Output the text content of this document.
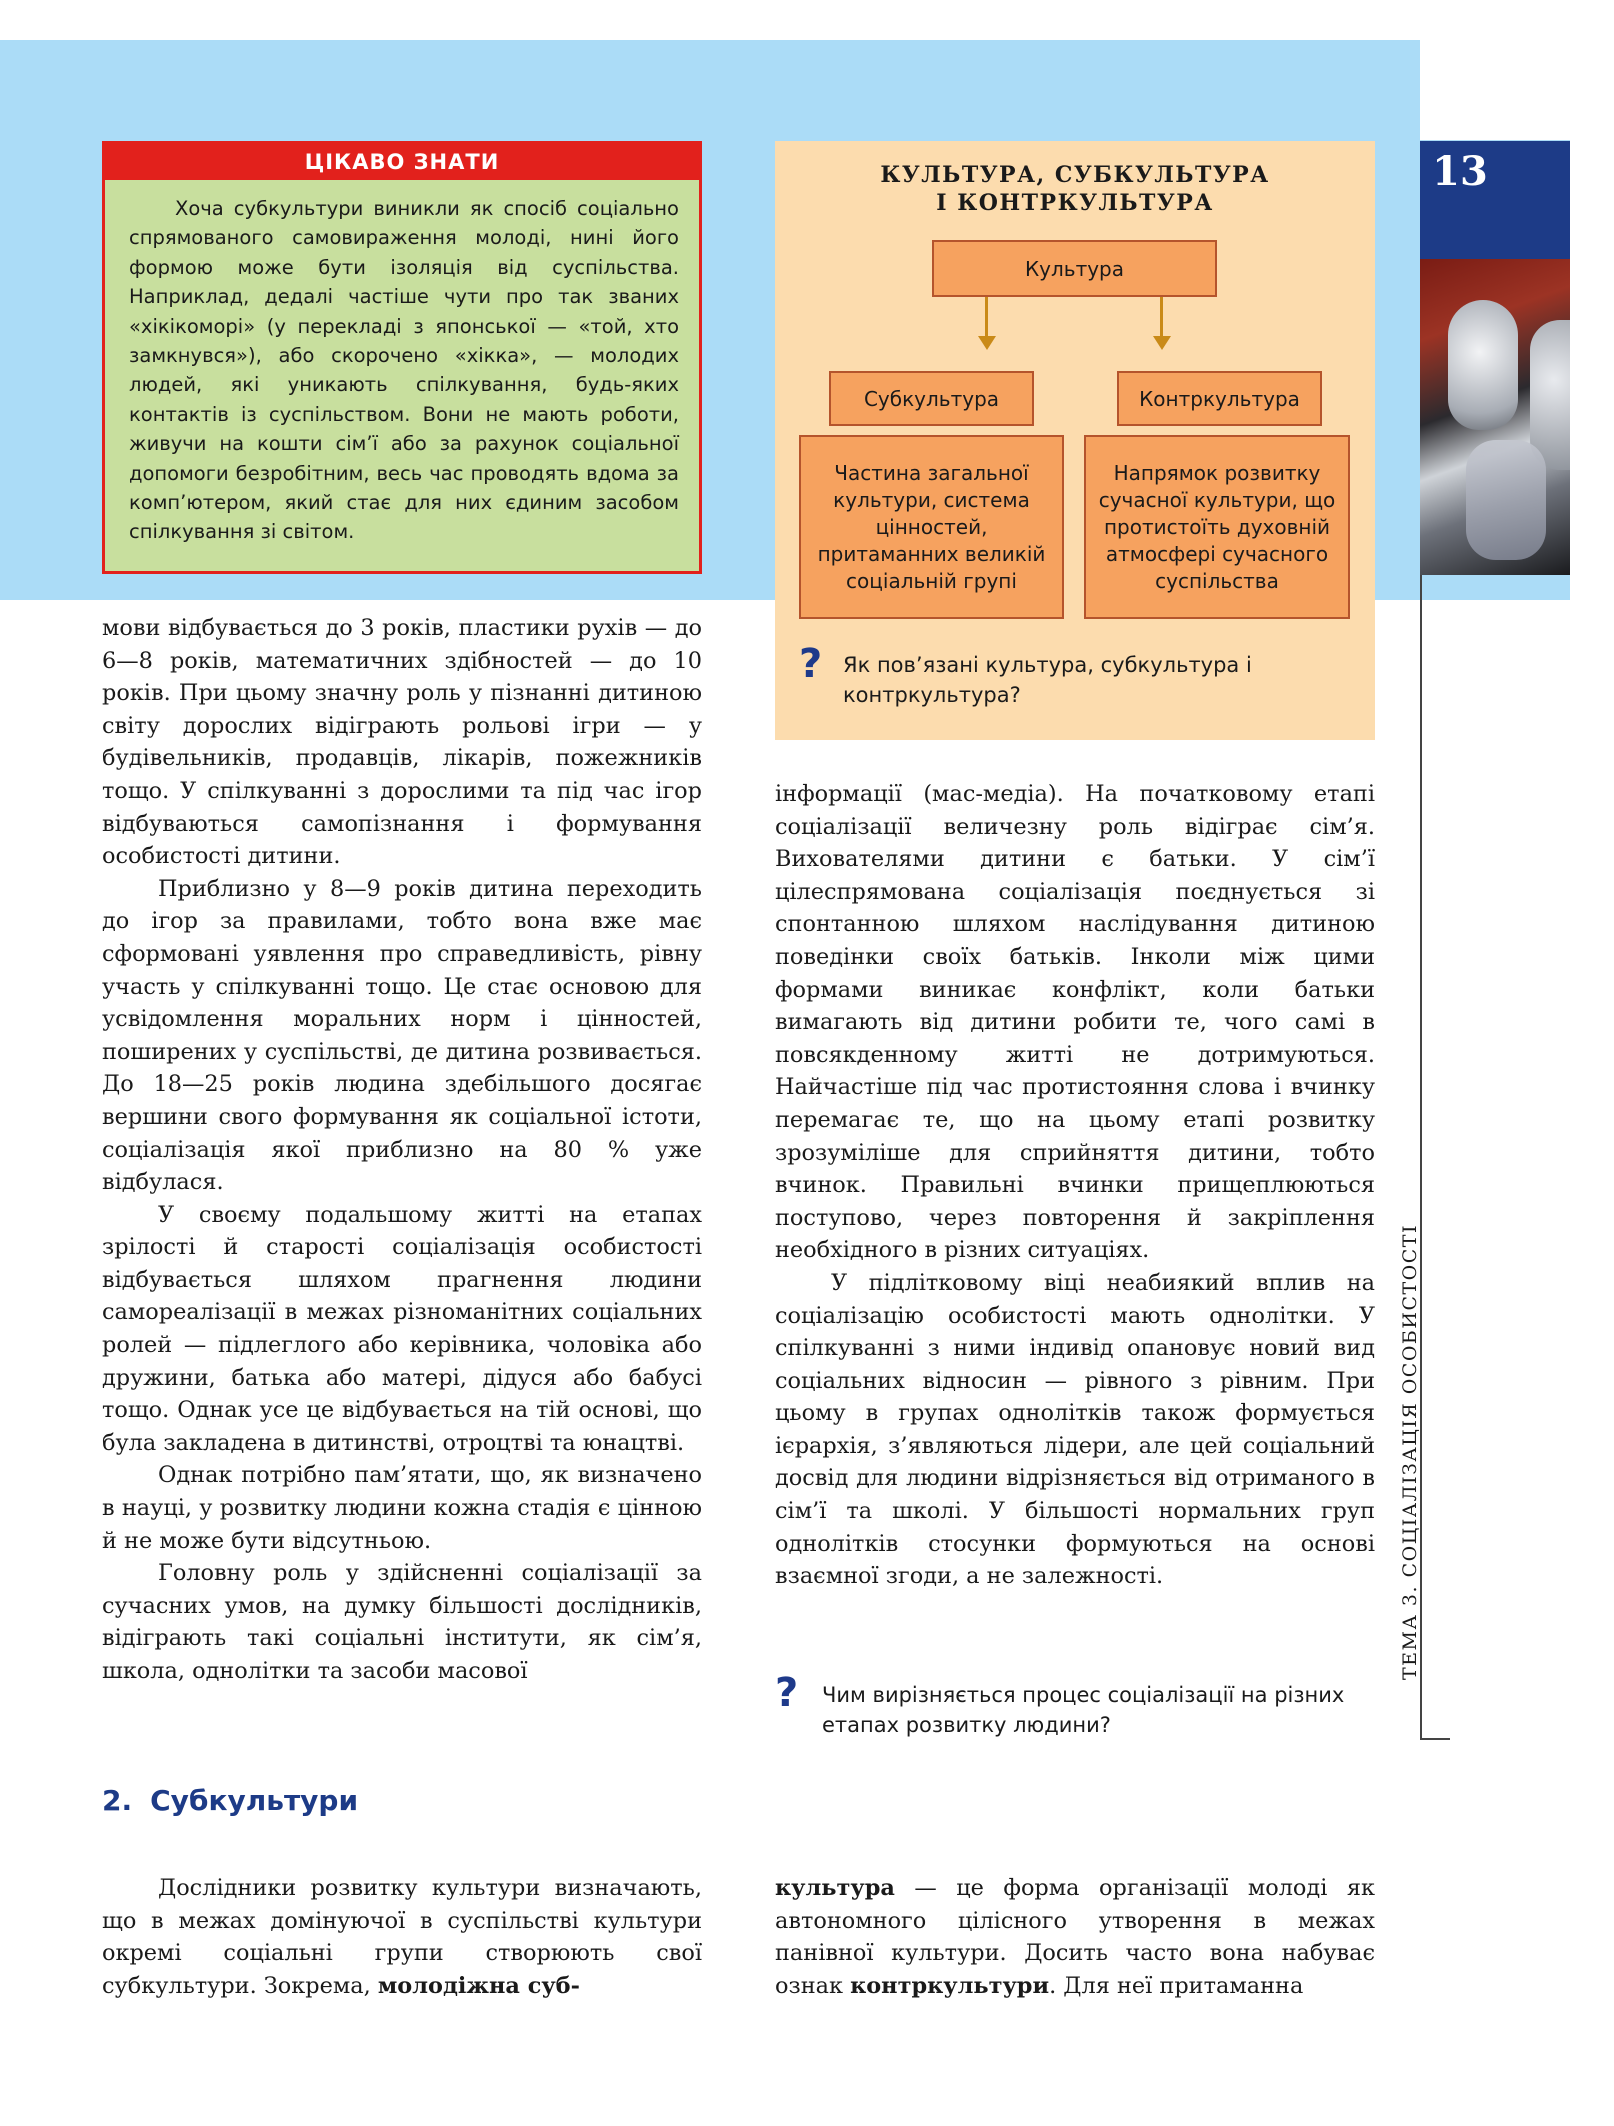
ЦІКАВО ЗНАТИ
Хоча субкультури виникли як спосіб соціально спрямованого самовираження молоді, нині його формою може бути ізоляція від суспільства. Наприклад, дедалі частіше чути про так званих «хікікоморі» (у перекладі з японської — «той, хто замкнувся»), або скорочено «хікка», — молодих людей, які уникають спілкування, будь-яких контактів із суспільством. Вони не мають роботи, живучи на кошти сім’ї або за рахунок соціальної допомоги безробітним, весь час проводять вдома за комп’ютером, який стає для них єдиним засобом спілкування зі світом.
КУЛЬТУРА, СУБКУЛЬТУРА
І КОНТРКУЛЬТУРА
Культура
Субкультура	Контркультура
Частина загальної культури, система цінностей, притаманних великій соціальній групі
Напрямок розвитку сучасної культури, що протистоїть духовній атмосфері сучасного суспільства
? Як пов’язані культура, субкультура і контркультура?
13
ТЕМА 3. СОЦІАЛІЗАЦІЯ ОСОБИСТОСТІ

мови відбувається до 3 років, пластики рухів — до 6—8 років, математичних здібностей — до 10 років. При цьому значну роль у пізнанні дитиною світу дорослих відіграють рольові ігри — у будівельників, продавців, лікарів, пожежників тощо. У спілкуванні з дорослими та під час ігор відбуваються самопізнання і формування особистості дитини.

Приблизно у 8—9 років дитина переходить до ігор за правилами, тобто вона вже має сформовані уявлення про справедливість, рівну участь у спілкуванні тощо. Це стає основою для усвідомлення моральних норм і цінностей, поширених у суспільстві, де дитина розвивається. До 18—25 років людина здебільшого досягає вершини свого формування як соціальної істоти, соціалізація якої приблизно на 80 % уже відбулася.

У своєму подальшому житті на етапах зрілості й старості соціалізація особистості відбувається шляхом прагнення людини самореалізації в межах різноманітних соціальних ролей — підлеглого або керівника, чоловіка або дружини, батька або матері, дідуся або бабусі тощо. Однак усе це відбувається на тій основі, що була закладена в дитинстві, отроцтві та юнацтві.

Однак потрібно пам’ятати, що, як визначено в науці, у розвитку людини кожна стадія є цінною й не може бути відсутньою.

Головну роль у здійсненні соціалізації за сучасних умов, на думку більшості дослідників, відіграють такі соціальні інститути, як сім’я, школа, однолітки та засоби масової

інформації (мас-медіа). На початковому етапі соціалізації величезну роль відіграє сім’я. Вихователями дитини є батьки. У сім’ї цілеспрямована соціалізація поєднується зі спонтанною шляхом наслідування дитиною поведінки своїх батьків. Інколи між цими формами виникає конфлікт, коли батьки вимагають від дитини робити те, чого самі в повсякденному житті не дотримуються. Найчастіше під час протистояння слова і вчинку перемагає те, що на цьому етапі розвитку зрозуміліше для сприйняття дитини, тобто вчинок. Правильні вчинки прищеплюються поступово, через повторення й закріплення необхідного в різних ситуаціях.

У підлітковому віці неабиякий вплив на соціалізацію особистості мають однолітки. У спілкуванні з ними індивід опановує новий вид соціальних відносин — рівного з рівним. При цьому в групах однолітків також формується ієрархія, з’являються лідери, але цей соціальний досвід для людини відрізняється від отриманого в сім’ї та школі. У більшості нормальних груп однолітків стосунки формуються на основі взаємної згоди, а не залежності.

? Чим вирізняється процес соціалізації на різних етапах розвитку людини?
2. Субкультури

Дослідники розвитку культури визначають, що в межах домінуючої в суспільстві культури окремі соціальні групи створюють свої субкультури. Зокрема, молодіжна суб-

культура — це форма організації молоді як автономного цілісного утворення в межах панівної культури. Досить часто вона набуває ознак контркультури. Для неї притаманна
